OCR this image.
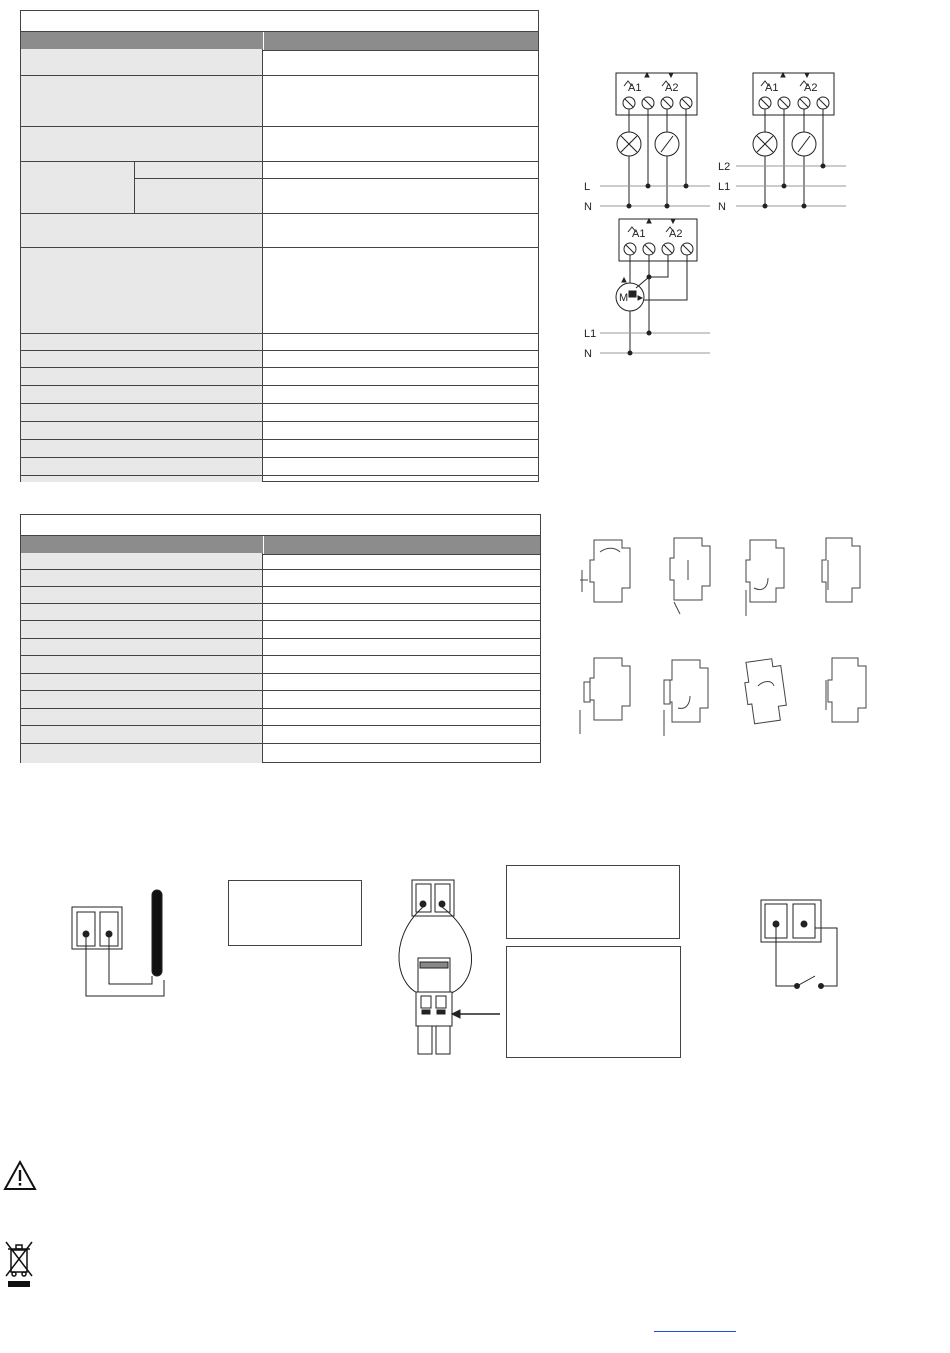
A1 A2
L
N
A1 A2
L2
L1
N
A1 A2
M
L1
N
